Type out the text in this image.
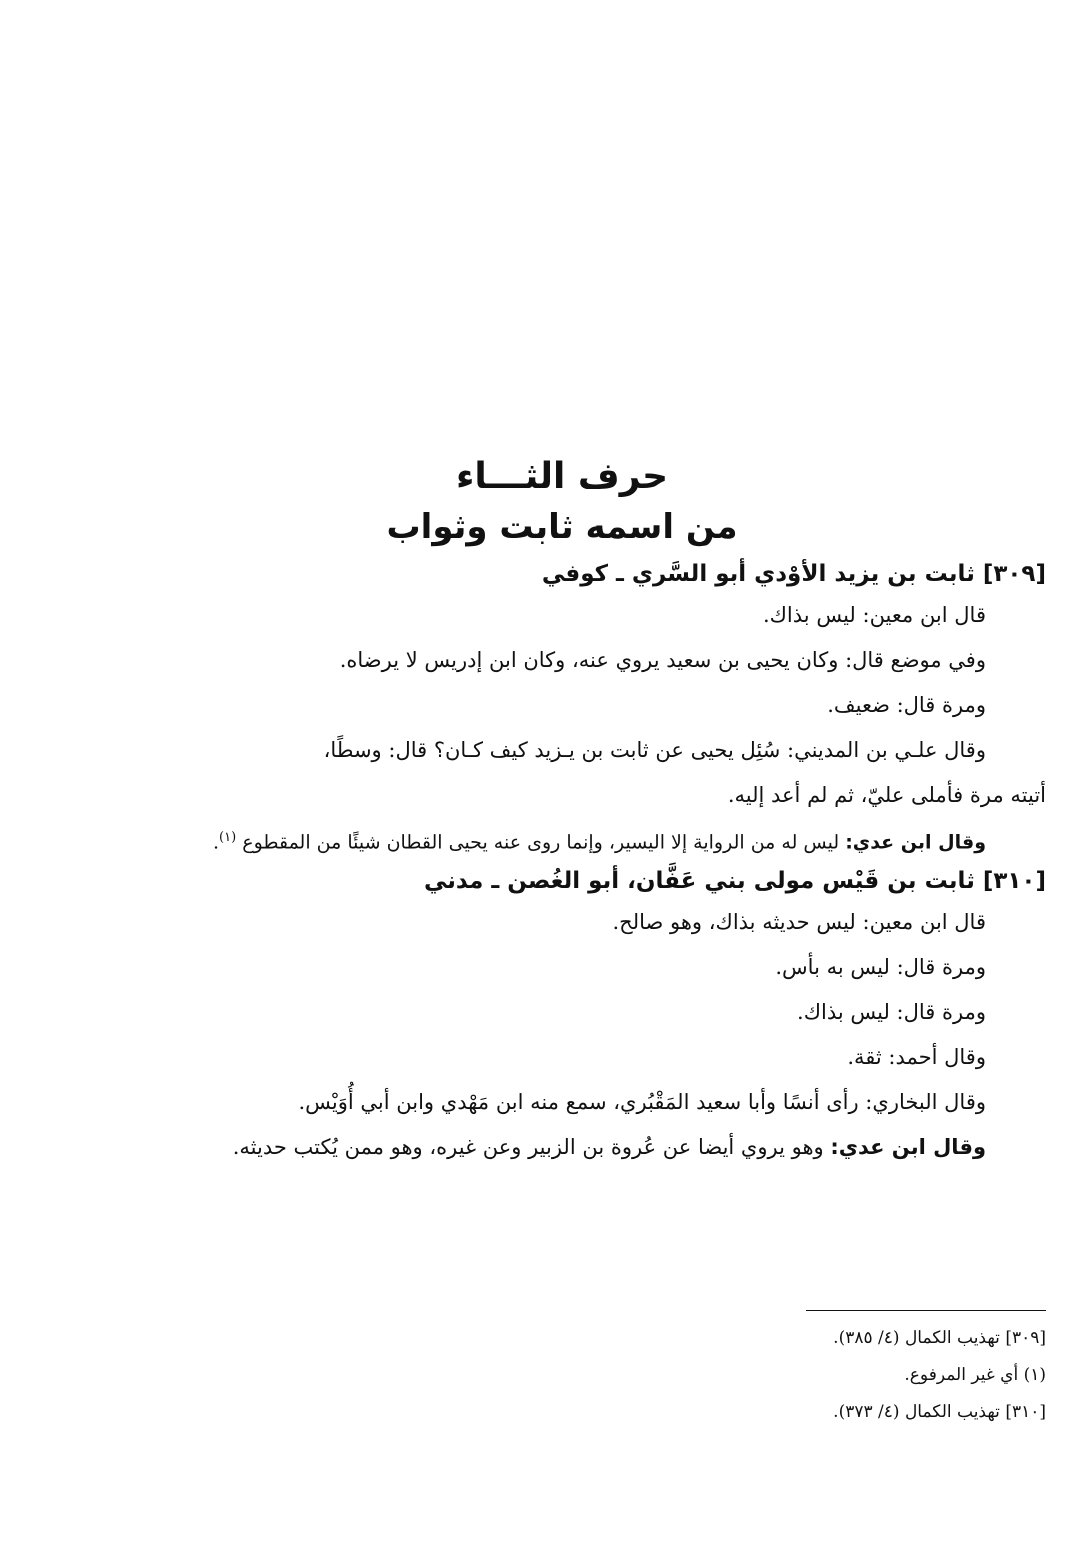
حرف الثـــاء
من اسمه ثابت وثواب

[٣٠٩] ثابت بن يزيد الأوْدي أبو السَّري ـ كوفي

قال ابن معين: ليس بذاك.

وفي موضع قال: وكان يحيى بن سعيد يروي عنه، وكان ابن إدريس لا يرضاه.

ومرة قال: ضعيف.

وقال علـي بن المديني: سُئِل يحيى عن ثابت بن يـزيد كيف كـان؟ قال: وسطًا،

أتيته مرة فأملى عليّ، ثم لم أعد إليه.

وقال ابن عدي: ليس له من الرواية إلا اليسير، وإنما روى عنه يحيى القطان شيئًا من المقطوع $^{(١)}$.

[٣١٠] ثابت بن قَيْس مولى بني عَفَّان، أبو الغُصن ـ مدني

قال ابن معين: ليس حديثه بذاك، وهو صالح.

ومرة قال: ليس به بأس.

ومرة قال: ليس بذاك.

وقال أحمد: ثقة.

وقال البخاري: رأى أنسًا وأبا سعيد المَقْبُري، سمع منه ابن مَهْدي وابن أبي أُوَيْس.

وقال ابن عدي: وهو يروي أيضا عن عُروة بن الزبير وعن غيره، وهو ممن يُكتب حديثه.

[٣٠٩] تهذيب الكمال (٤/ ٣٨٥).

(١) أي غير المرفوع.

[٣١٠] تهذيب الكمال (٤/ ٣٧٣).
